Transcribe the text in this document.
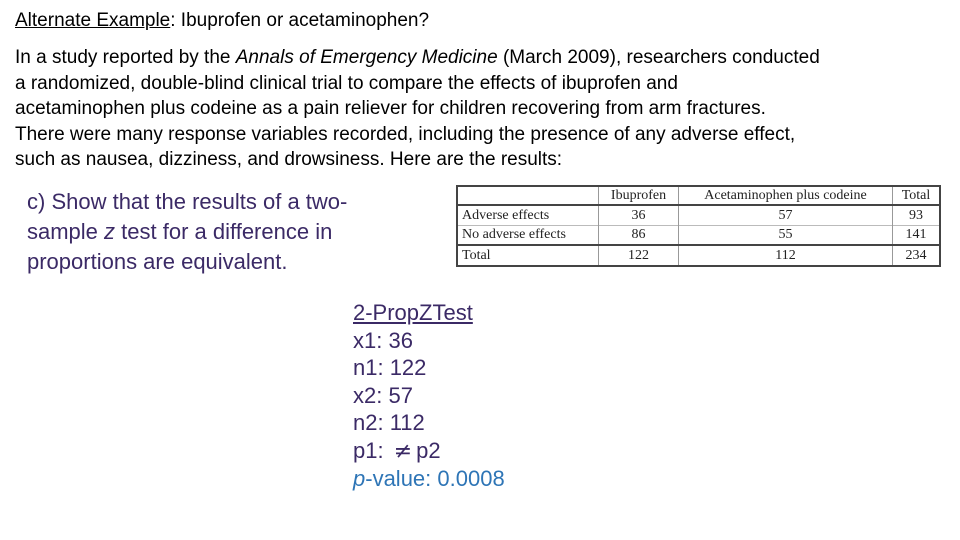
Alternate Example: Ibuprofen or acetaminophen?
In a study reported by the Annals of Emergency Medicine (March 2009), researchers conducted
a randomized, double-blind clinical trial to compare the effects of ibuprofen and
acetaminophen plus codeine as a pain reliever for children recovering from arm fractures.
There were many response variables recorded, including the presence of any adverse effect,
such as nausea, dizziness, and drowsiness. Here are the results:
c) Show that the results of a two-
sample z test for a difference in
proportions are equivalent.
	Ibuprofen	Acetaminophen plus codeine	Total
Adverse effects	36	57	93
No adverse effects	86	55	141
Total	122	112	234
2-PropZTest
x1: 36
n1: 122
x2: 57
n2: 112
p1: ≠ p2
p-value: 0.0008
